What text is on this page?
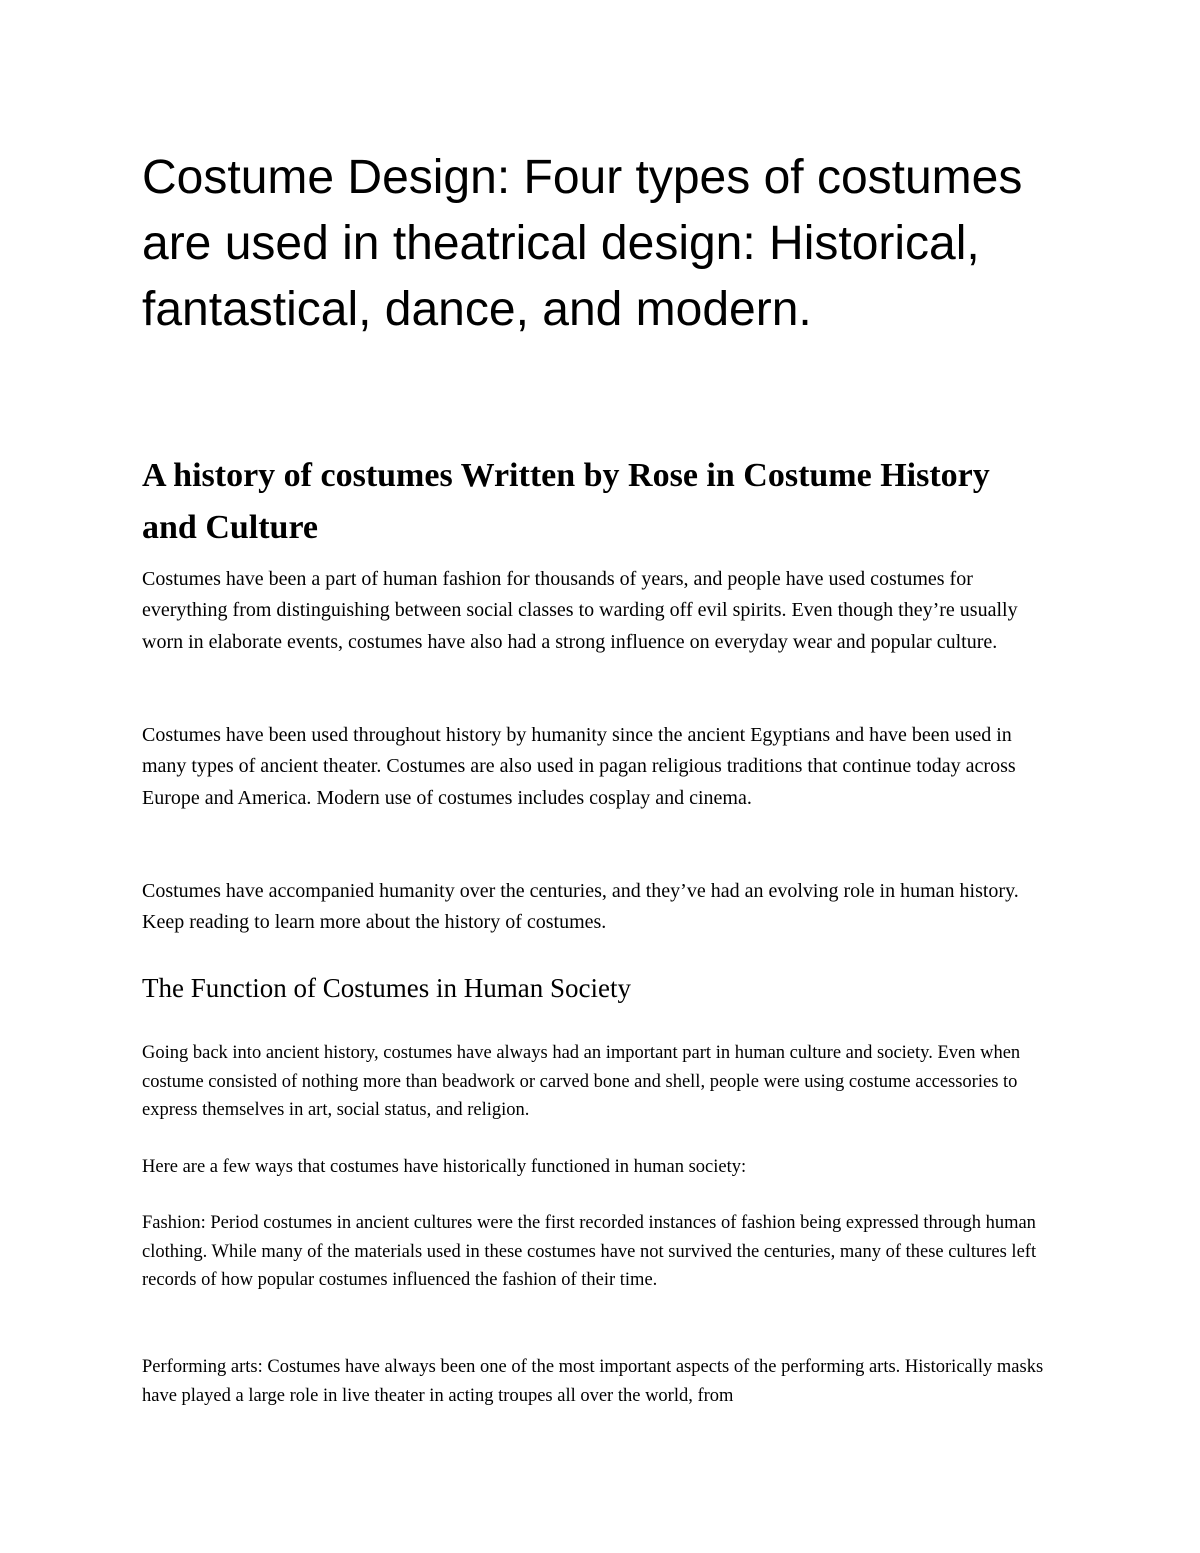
Costume Design: Four types of costumes are used in theatrical design: Historical, fantastical, dance, and modern.
A history of costumes Written by Rose in Costume History and Culture

Costumes have been a part of human fashion for thousands of years, and people have used costumes for everything from distinguishing between social classes to warding off evil spirits. Even though they’re usually worn in elaborate events, costumes have also had a strong influence on everyday wear and popular culture.

Costumes have been used throughout history by humanity since the ancient Egyptians and have been used in many types of ancient theater. Costumes are also used in pagan religious traditions that continue today across Europe and America. Modern use of costumes includes cosplay and cinema.

Costumes have accompanied humanity over the centuries, and they’ve had an evolving role in human history. Keep reading to learn more about the history of costumes.

The Function of Costumes in Human Society

Going back into ancient history, costumes have always had an important part in human culture and society. Even when costume consisted of nothing more than beadwork or carved bone and shell, people were using costume accessories to express themselves in art, social status, and religion.

Here are a few ways that costumes have historically functioned in human society:

Fashion: Period costumes in ancient cultures were the first recorded instances of fashion being expressed through human clothing. While many of the materials used in these costumes have not survived the centuries, many of these cultures left records of how popular costumes influenced the fashion of their time.

Performing arts: Costumes have always been one of the most important aspects of the performing arts. Historically masks have played a large role in live theater in acting troupes all over the world, from
